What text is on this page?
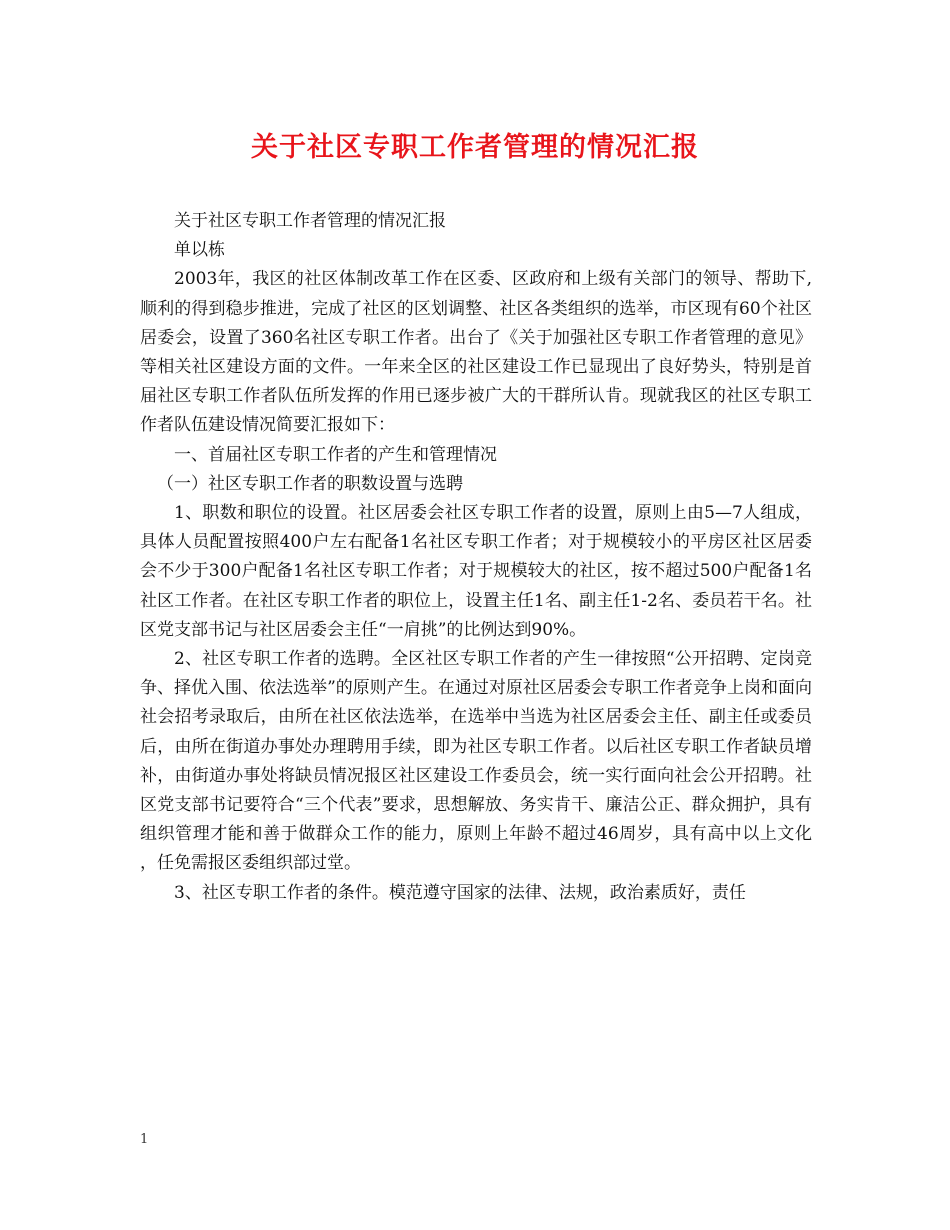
关于社区专职工作者管理的情况汇报

关于社区专职工作者管理的情况汇报

单以栋

2003年，我区的社区体制改革工作在区委、区政府和上级有关部门的领导、帮助下,顺利的得到稳步推进，完成了社区的区划调整、社区各类组织的选举，市区现有60个社区居委会，设置了360名社区专职工作者。出台了《关于加强社区专职工作者管理的意见》等相关社区建设方面的文件。一年来全区的社区建设工作已显现出了良好势头，特别是首届社区专职工作者队伍所发挥的作用已逐步被广大的干群所认肯。现就我区的社区专职工作者队伍建设情况简要汇报如下：

一、首届社区专职工作者的产生和管理情况

（一）社区专职工作者的职数设置与选聘

1、职数和职位的设置。社区居委会社区专职工作者的设置，原则上由5—7人组成，具体人员配置按照400户左右配备1名社区专职工作者；对于规模较小的平房区社区居委会不少于300户配备1名社区专职工作者；对于规模较大的社区，按不超过500户配备1名社区工作者。在社区专职工作者的职位上，设置主任1名、副主任1-2名、委员若干名。社区党支部书记与社区居委会主任“一肩挑”的比例达到90%。

2、社区专职工作者的选聘。全区社区专职工作者的产生一律按照“公开招聘、定岗竞争、择优入围、依法选举”的原则产生。在通过对原社区居委会专职工作者竞争上岗和面向社会招考录取后，由所在社区依法选举，在选举中当选为社区居委会主任、副主任或委员后，由所在街道办事处办理聘用手续，即为社区专职工作者。以后社区专职工作者缺员增补，由街道办事处将缺员情况报区社区建设工作委员会，统一实行面向社会公开招聘。社区党支部书记要符合“三个代表”要求，思想解放、务实肯干、廉洁公正、群众拥护，具有组织管理才能和善于做群众工作的能力，原则上年龄不超过46周岁，具有高中以上文化 ，任免需报区委组织部过堂。

3、社区专职工作者的条件。模范遵守国家的法律、法规，政治素质好，责任

1
